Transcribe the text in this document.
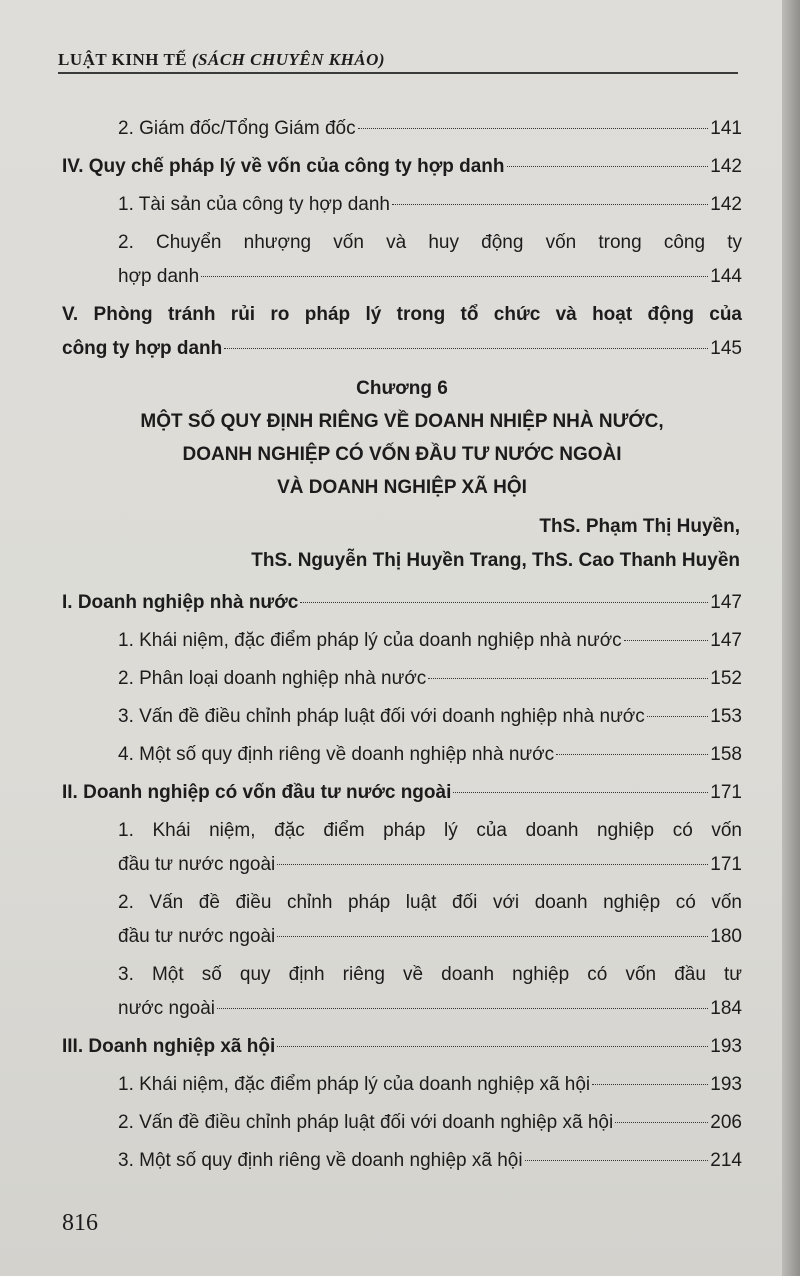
LUẬT KINH TẾ (SÁCH CHUYÊN KHẢO)
2. Giám đốc/Tổng Giám đốc	141
IV. Quy chế pháp lý về vốn của công ty hợp danh	142
1. Tài sản của công ty hợp danh	142
2. Chuyển nhượng vốn và huy động vốn trong công ty
hợp danh	144
V. Phòng tránh rủi ro pháp lý trong tổ chức và hoạt động của
công ty hợp danh	145
Chương 6
MỘT SỐ QUY ĐỊNH RIÊNG VỀ DOANH NHIỆP NHÀ NƯỚC,
DOANH NGHIỆP CÓ VỐN ĐẦU TƯ NƯỚC NGOÀI
VÀ DOANH NGHIỆP XÃ HỘI
ThS. Phạm Thị Huyền,
ThS. Nguyễn Thị Huyền Trang, ThS. Cao Thanh Huyền
I. Doanh nghiệp nhà nước	147
1. Khái niệm, đặc điểm pháp lý của doanh nghiệp nhà nước	147
2. Phân loại doanh nghiệp nhà nước	152
3. Vấn đề điều chỉnh pháp luật đối với doanh nghiệp nhà nước	153
4. Một số quy định riêng về doanh nghiệp nhà nước	158
II. Doanh nghiệp có vốn đầu tư nước ngoài	171
1. Khái niệm, đặc điểm pháp lý của doanh nghiệp có vốn
đầu tư nước ngoài	171
2. Vấn đề điều chỉnh pháp luật đối với doanh nghiệp có vốn
đầu tư nước ngoài	180
3. Một số quy định riêng về doanh nghiệp có vốn đầu tư
nước ngoài	184
III. Doanh nghiệp xã hội	193
1. Khái niệm, đặc điểm pháp lý của doanh nghiệp xã hội	193
2. Vấn đề điều chỉnh pháp luật đối với doanh nghiệp xã hội	206
3. Một số quy định riêng về doanh nghiệp xã hội	214
816
